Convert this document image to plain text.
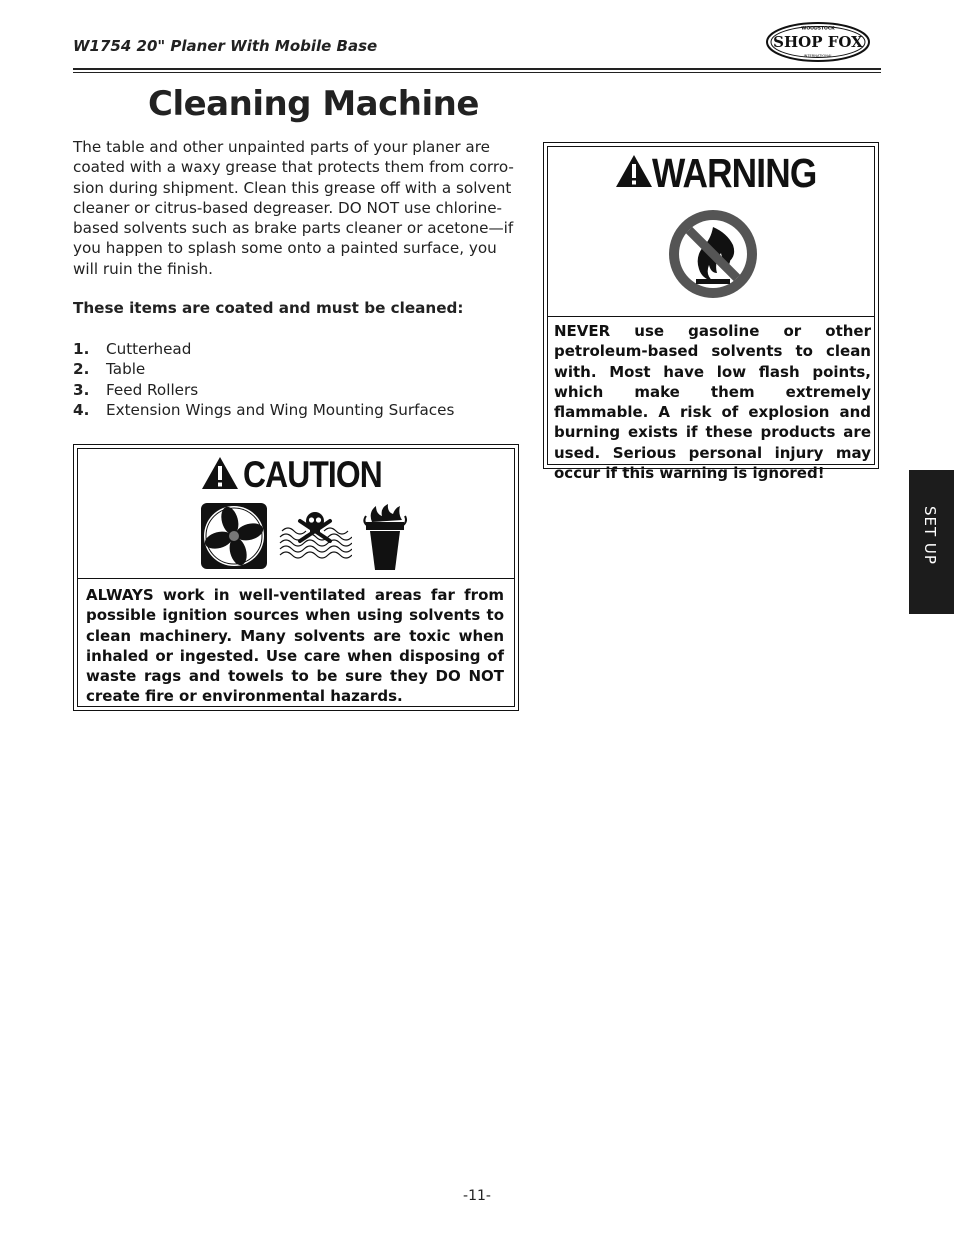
W1754 20" Planer With Mobile Base
WOODSTOCK
SHOP FOX
INTERNATIONAL
Cleaning Machine

The table and other unpainted parts of your planer are coated with a waxy grease that protects them from corro-sion during shipment. Clean this grease off with a solvent cleaner or citrus-based degreaser. DO NOT use chlorine-based solvents such as brake parts cleaner or acetone—if you happen to splash some onto a painted surface, you will ruin the finish.

These items are coated and must be cleaned:
1.	Cutterhead
2.	Table
3.	Feed Rollers
4.	Extension Wings and Wing Mounting Surfaces
CAUTION
ALWAYS work in well-ventilated areas far from possible ignition sources when using solvents to clean machinery. Many solvents are toxic when inhaled or ingested. Use care when disposing of waste rags and towels to be sure they DO NOT create fire or environmental hazards.
WARNING
NEVER use gasoline or other petroleum-based solvents to clean with. Most have low flash points, which make them extremely flammable. A risk of explosion and burning exists if these products are used. Serious personal injury may occur if this warning is ignored!
SET UP
-11-
